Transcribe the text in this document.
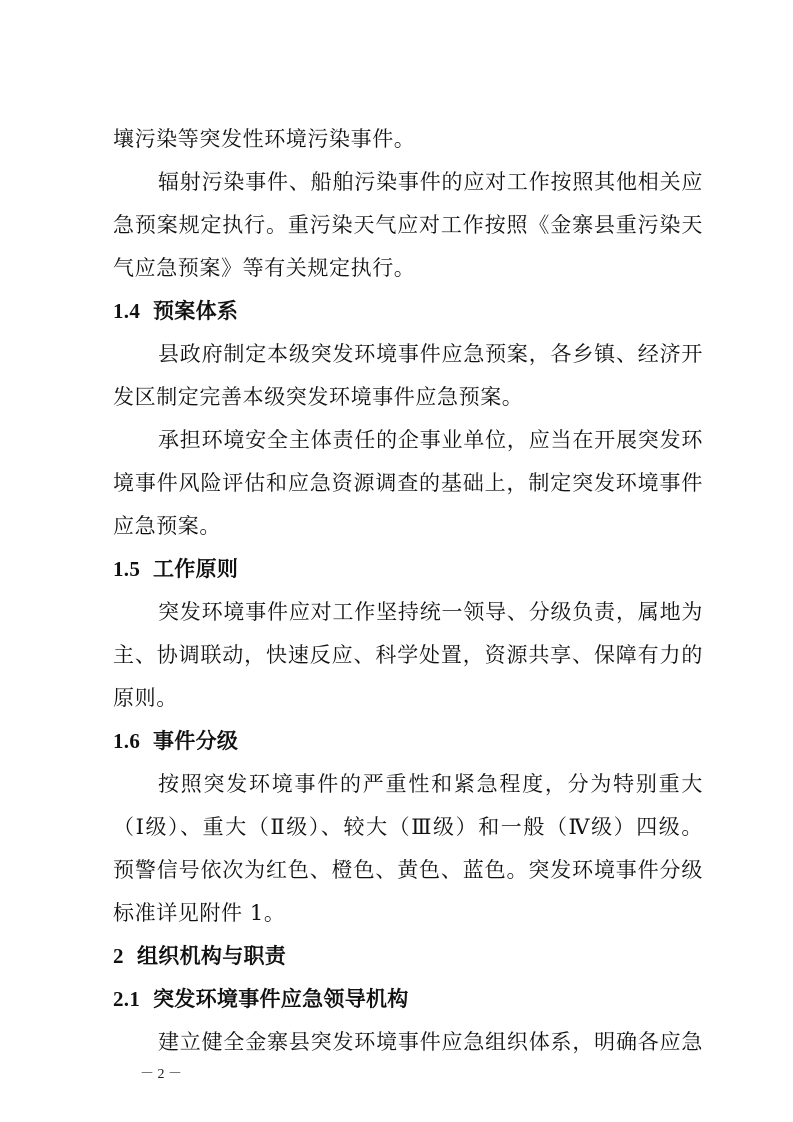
壤污染等突发性环境污染事件。
辐射污染事件、船舶污染事件的应对工作按照其他相关应
急预案规定执行。重污染天气应对工作按照《金寨县重污染天
气应急预案》等有关规定执行。
1.4 预案体系
县政府制定本级突发环境事件应急预案，各乡镇、经济开
发区制定完善本级突发环境事件应急预案。
承担环境安全主体责任的企事业单位，应当在开展突发环
境事件风险评估和应急资源调查的基础上，制定突发环境事件
应急预案。
1.5 工作原则
突发环境事件应对工作坚持统一领导、分级负责，属地为
主、协调联动，快速反应、科学处置，资源共享、保障有力的
原则。
1.6 事件分级
按照突发环境事件的严重性和紧急程度，分为特别重大
（Ⅰ级）、重大（Ⅱ级）、较大（Ⅲ级）和一般（Ⅳ级）四级。
预警信号依次为红色、橙色、黄色、蓝色。突发环境事件分级
标准详见附件 1。
2 组织机构与职责
2.1 突发环境事件应急领导机构
建立健全金寨县突发环境事件应急组织体系，明确各应急
－ 2 －
